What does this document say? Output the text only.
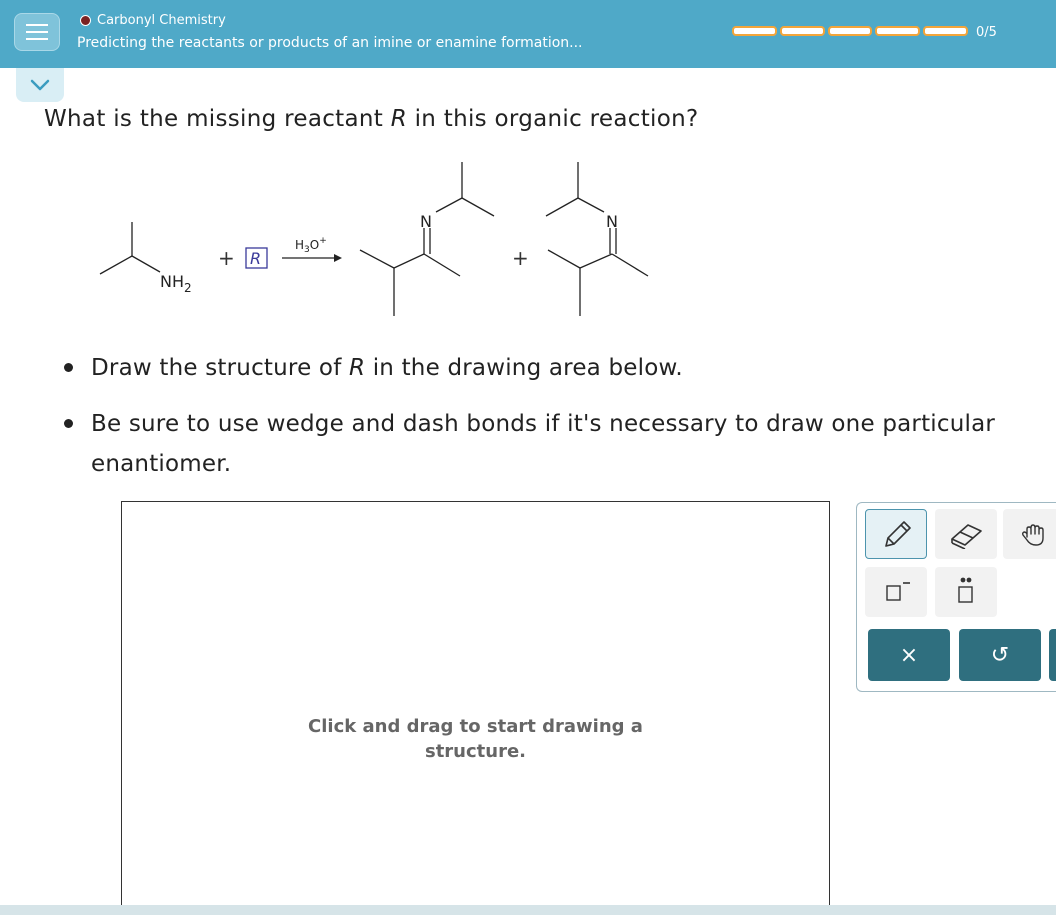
Carbonyl Chemistry
Predicting the reactants or products of an imine or enamine formation...
0/5
What is the missing reactant R in this organic reaction?
$NH_2$
+ R
$H_3O^+$
N
+
N
Draw the structure of R in the drawing area below.
Be sure to use wedge and dash bonds if it's necessary to draw one particular enantiomer.
Click and drag to start drawing a structure.
×	↺
